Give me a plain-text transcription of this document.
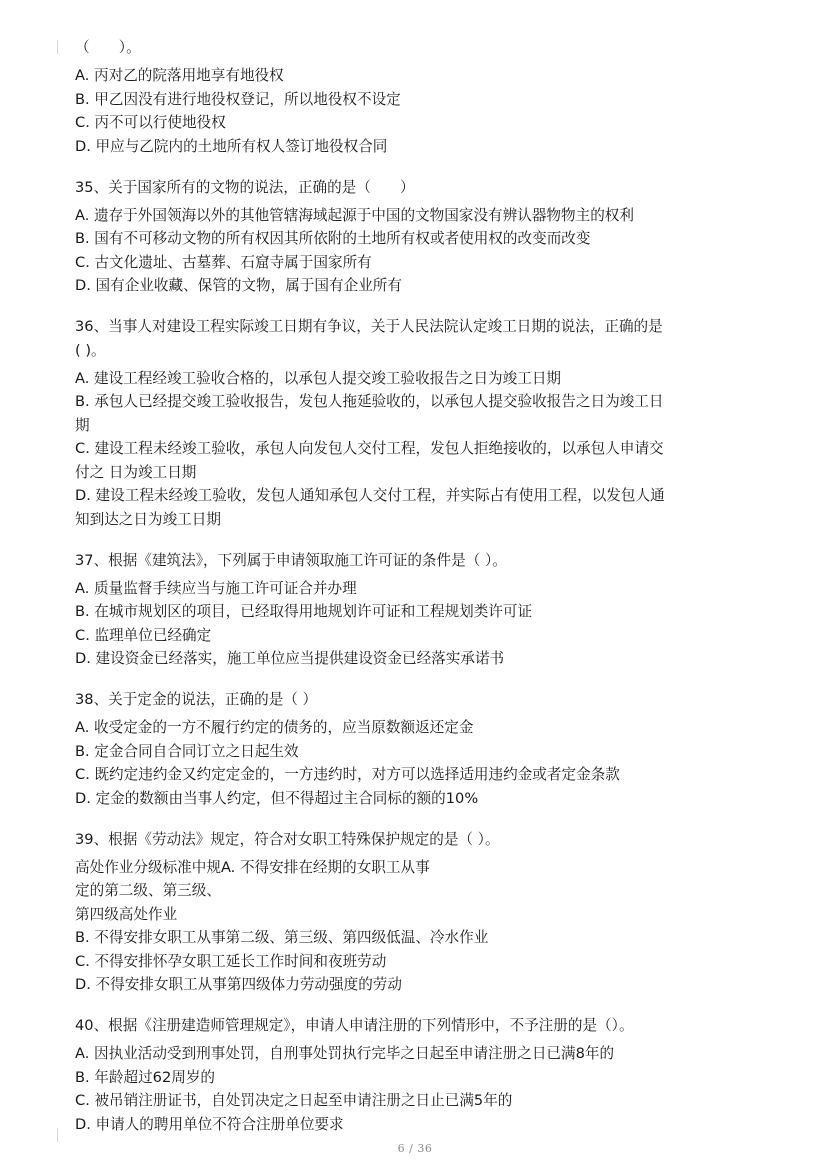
（　　）。
A. 丙对乙的院落用地享有地役权
B. 甲乙因没有进行地役权登记，所以地役权不设定
C. 丙不可以行使地役权
D. 甲应与乙院内的土地所有权人签订地役权合同
35、关于国家所有的文物的说法，正确的是（　　）
A. 遗存于外国领海以外的其他管辖海域起源于中国的文物国家没有辨认器物物主的权利
B. 国有不可移动文物的所有权因其所依附的土地所有权或者使用权的改变而改变
C. 古文化遗址、古墓葬、石窟寺属于国家所有
D. 国有企业收藏、保管的文物，属于国有企业所有
36、当事人对建设工程实际竣工日期有争议，关于人民法院认定竣工日期的说法，正确的是
( )。
A. 建设工程经竣工验收合格的，以承包人提交竣工验收报告之日为竣工日期
B. 承包人已经提交竣工验收报告，发包人拖延验收的，以承包人提交验收报告之日为竣工日
期
C. 建设工程未经竣工验收，承包人向发包人交付工程，发包人拒绝接收的，以承包人申请交
付之 日为竣工日期
D. 建设工程未经竣工验收，发包人通知承包人交付工程，并实际占有使用工程，以发包人通
知到达之日为竣工日期
37、根据《建筑法》，下列属于申请领取施工许可证的条件是（ ）。
A. 质量监督手续应当与施工许可证合并办理
B. 在城市规划区的项目，已经取得用地规划许可证和工程规划类许可证
C. 监理单位已经确定
D. 建设资金已经落实，施工单位应当提供建设资金已经落实承诺书
38、关于定金的说法，正确的是（ ）
A. 收受定金的一方不履行约定的债务的，应当原数额返还定金
B. 定金合同自合同订立之日起生效
C. 既约定违约金又约定定金的，一方违约时，对方可以选择适用违约金或者定金条款
D. 定金的数额由当事人约定，但不得超过主合同标的额的10%
39、根据《劳动法》规定，符合对女职工特殊保护规定的是（ ）。
高处作业分级标准中规A. 不得安排在经期的女职工从事
定的第二级、第三级、
第四级高处作业
B. 不得安排女职工从事第二级、第三级、第四级低温、冷水作业
C. 不得安排怀孕女职工延长工作时间和夜班劳动
D. 不得安排女职工从事第四级体力劳动强度的劳动
40、根据《注册建造师管理规定》，申请人申请注册的下列情形中，不予注册的是（）。
A. 因执业活动受到刑事处罚，自刑事处罚执行完毕之日起至申请注册之日已满8年的
B. 年龄超过62周岁的
C. 被吊销注册证书，自处罚决定之日起至申请注册之日止已满5年的
D. 申请人的聘用单位不符合注册单位要求
6 / 36
